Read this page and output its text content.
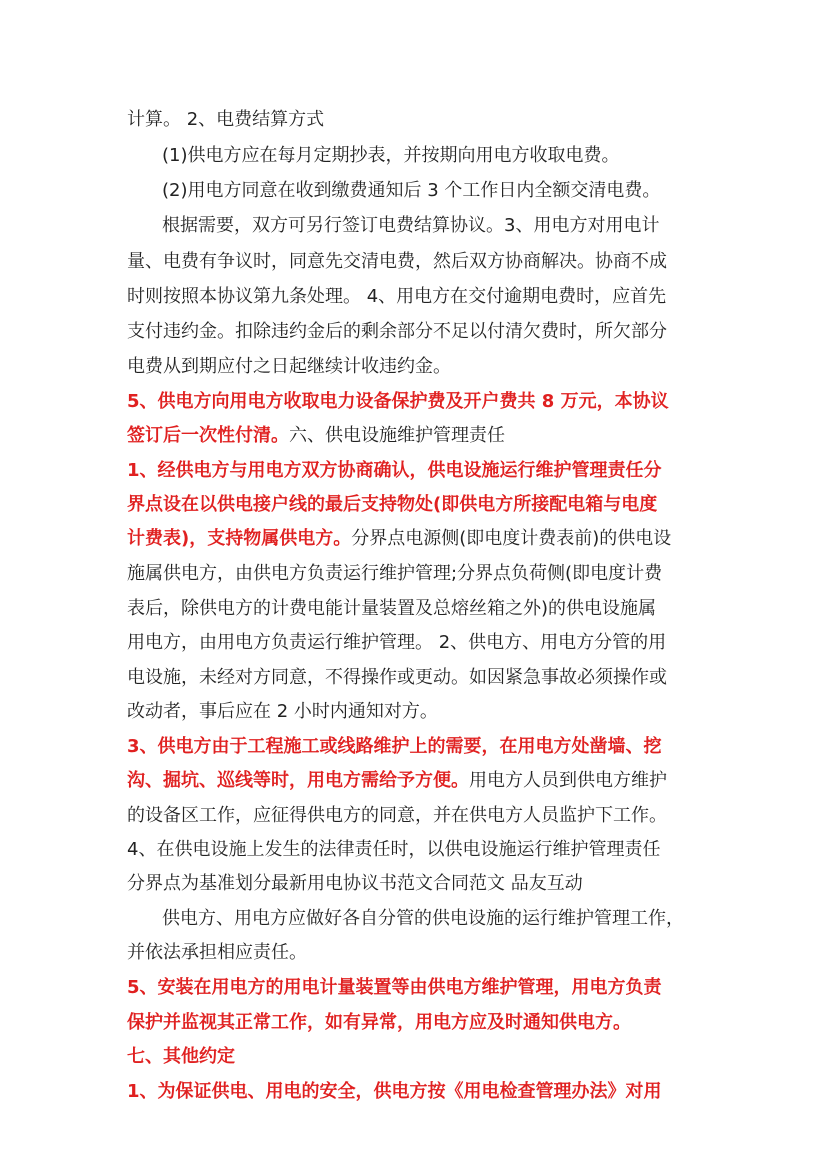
计算。 2、电费结算方式
(1)供电方应在每月定期抄表，并按期向用电方收取电费。
(2)用电方同意在收到缴费通知后 3 个工作日内全额交清电费。
根据需要，双方可另行签订电费结算协议。3、用电方对用电计
量、电费有争议时，同意先交清电费，然后双方协商解决。协商不成
时则按照本协议第九条处理。 4、用电方在交付逾期电费时，应首先
支付违约金。扣除违约金后的剩余部分不足以付清欠费时，所欠部分
电费从到期应付之日起继续计收违约金。
5、供电方向用电方收取电力设备保护费及开户费共 8 万元，本协议
签订后一次性付清。六、供电设施维护管理责任
1、经供电方与用电方双方协商确认，供电设施运行维护管理责任分
界点设在以供电接户线的最后支持物处(即供电方所接配电箱与电度
计费表)，支持物属供电方。分界点电源侧(即电度计费表前)的供电设
施属供电方，由供电方负责运行维护管理;分界点负荷侧(即电度计费
表后，除供电方的计费电能计量装置及总熔丝箱之外)的供电设施属
用电方，由用电方负责运行维护管理。 2、供电方、用电方分管的用
电设施，未经对方同意，不得操作或更动。如因紧急事故必须操作或
改动者，事后应在 2 小时内通知对方。
3、供电方由于工程施工或线路维护上的需要，在用电方处凿墙、挖
沟、掘坑、巡线等时，用电方需给予方便。用电方人员到供电方维护
的设备区工作，应征得供电方的同意，并在供电方人员监护下工作。
4、在供电设施上发生的法律责任时，以供电设施运行维护管理责任
分界点为基准划分最新用电协议书范文合同范文 品友互动
供电方、用电方应做好各自分管的供电设施的运行维护管理工作，
并依法承担相应责任。
5、安装在用电方的用电计量装置等由供电方维护管理，用电方负责
保护并监视其正常工作，如有异常，用电方应及时通知供电方。
七、其他约定
1、为保证供电、用电的安全，供电方按《用电检查管理办法》对用
